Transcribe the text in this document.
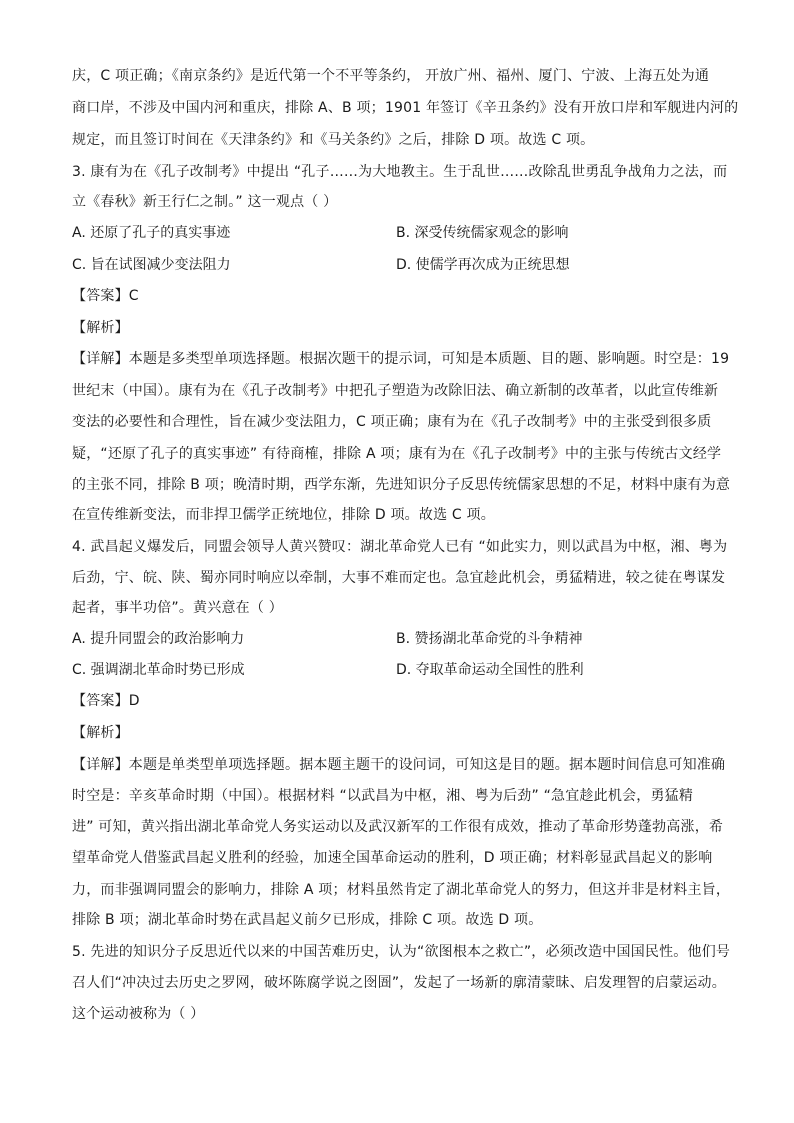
庆，C 项正确；《南京条约》是近代第一个不平等条约， 开放广州、福州、厦门、宁波、上海五处为通
商口岸，不涉及中国内河和重庆，排除 A、B 项；1901 年签订《辛丑条约》没有开放口岸和军舰进内河的
规定，而且签订时间在《天津条约》和《马关条约》之后，排除 D 项。故选 C 项。
3. 康有为在《孔子改制考》中提出 “孔子……为大地教主。生于乱世……改除乱世勇乱争战角力之法，而
立《春秋》新王行仁之制。” 这一观点（ ）
A. 还原了孔子的真实事迹	B. 深受传统儒家观念的影响
C. 旨在试图减少变法阻力	D. 使儒学再次成为正统思想
【答案】C
【解析】
【详解】本题是多类型单项选择题。根据次题干的提示词，可知是本质题、目的题、影响题。时空是：19
世纪末（中国）。康有为在《孔子改制考》中把孔子塑造为改除旧法、确立新制的改革者，以此宣传维新
变法的必要性和合理性，旨在减少变法阻力，C 项正确；康有为在《孔子改制考》中的主张受到很多质
疑，“还原了孔子的真实事迹” 有待商榷，排除 A 项；康有为在《孔子改制考》中的主张与传统古文经学
的主张不同，排除 B 项；晚清时期，西学东渐，先进知识分子反思传统儒家思想的不足，材料中康有为意
在宣传维新变法，而非捍卫儒学正统地位，排除 D 项。故选 C 项。
4. 武昌起义爆发后，同盟会领导人黄兴赞叹：湖北革命党人已有 “如此实力，则以武昌为中枢，湘、粤为
后劲，宁、皖、陕、蜀亦同时响应以牵制，大事不难而定也。急宜趁此机会，勇猛精进，较之徒在粤谋发
起者，事半功倍”。黄兴意在（ ）
A. 提升同盟会的政治影响力	B. 赞扬湖北革命党的斗争精神
C. 强调湖北革命时势已形成	D. 夺取革命运动全国性的胜利
【答案】D
【解析】
【详解】本题是单类型单项选择题。据本题主题干的设问词，可知这是目的题。据本题时间信息可知准确
时空是：辛亥革命时期（中国）。根据材料 “以武昌为中枢，湘、粤为后劲” “急宜趁此机会，勇猛精
进” 可知，黄兴指出湖北革命党人务实运动以及武汉新军的工作很有成效，推动了革命形势蓬勃高涨，希
望革命党人借鉴武昌起义胜利的经验，加速全国革命运动的胜利，D 项正确；材料彰显武昌起义的影响
力，而非强调同盟会的影响力，排除 A 项；材料虽然肯定了湖北革命党人的努力，但这并非是材料主旨，
排除 B 项；湖北革命时势在武昌起义前夕已形成，排除 C 项。故选 D 项。
5. 先进的知识分子反思近代以来的中国苦难历史，认为“欲图根本之救亡”，必须改造中国国民性。他们号
召人们“冲决过去历史之罗网，破坏陈腐学说之囹圄”，发起了一场新的廓清蒙昧、启发理智的启蒙运动。
这个运动被称为（ ）
